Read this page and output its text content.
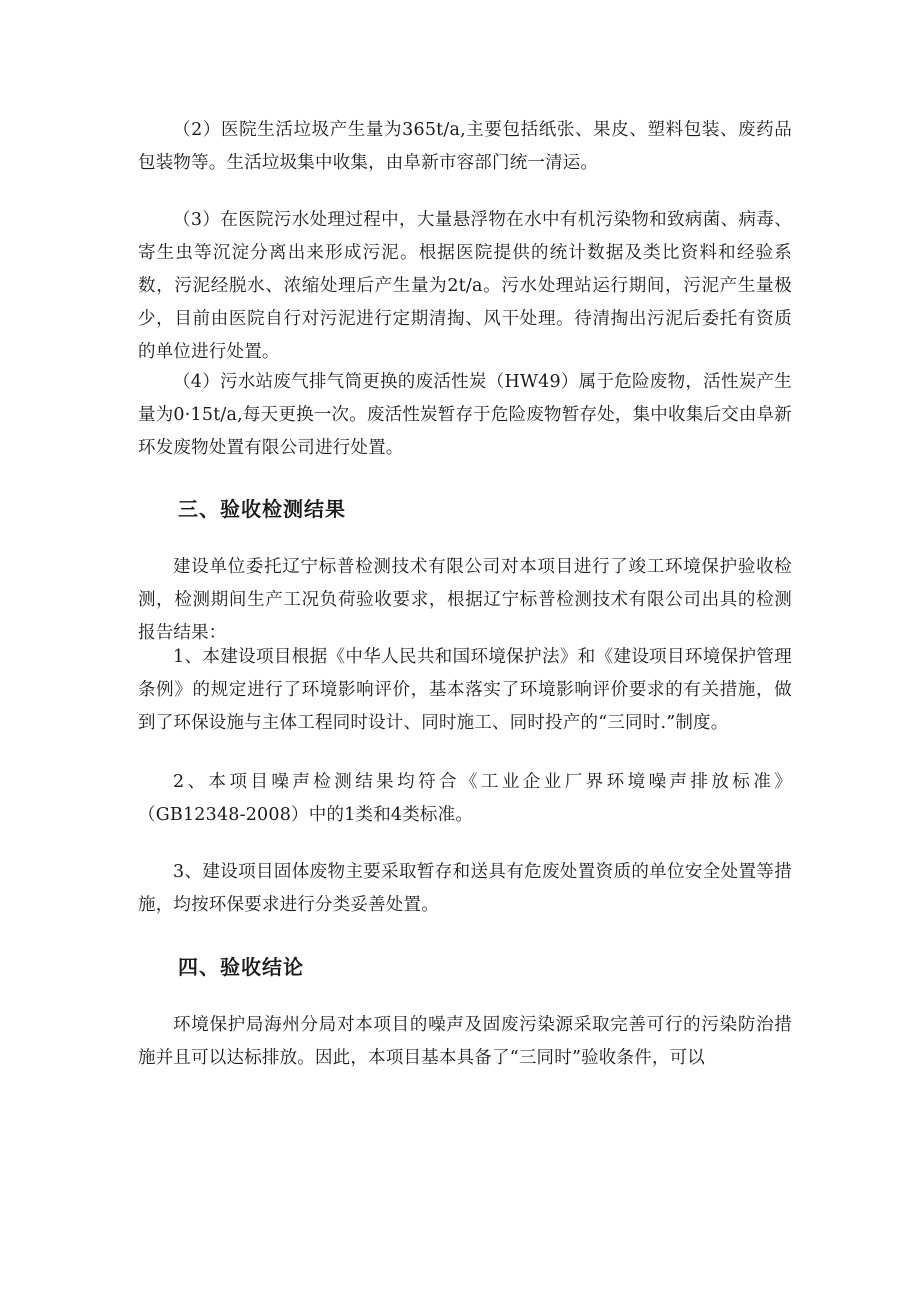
（2）医院生活垃圾产生量为365t/a,主要包括纸张、果皮、塑料包装、废药品包装物等。生活垃圾集中收集，由阜新市容部门统一清运。

（3）在医院污水处理过程中，大量悬浮物在水中有机污染物和致病菌、病毒、寄生虫等沉淀分离出来形成污泥。根据医院提供的统计数据及类比资料和经验系数，污泥经脱水、浓缩处理后产生量为2t/a。污水处理站运行期间，污泥产生量极少，目前由医院自行对污泥进行定期清掏、风干处理。待清掏出污泥后委托有资质的单位进行处置。

（4）污水站废气排气筒更换的废活性炭（HW49）属于危险废物，活性炭产生量为0·15t/a,每天更换一次。废活性炭暂存于危险废物暂存处，集中收集后交由阜新环发废物处置有限公司进行处置。

三、验收检测结果

建设单位委托辽宁标普检测技术有限公司对本项目进行了竣工环境保护验收检测，检测期间生产工况负荷验收要求，根据辽宁标普检测技术有限公司出具的检测报告结果：

1、本建设项目根据《中华人民共和国环境保护法》和《建设项目环境保护管理条例》的规定进行了环境影响评价，基本落实了环境影响评价要求的有关措施，做到了环保设施与主体工程同时设计、同时施工、同时投产的“三同时.”制度。

2、本项目噪声检测结果均符合《工业企业厂界环境噪声排放标准》（GB12348-2008）中的1类和4类标准。

3、建设项目固体废物主要采取暂存和送具有危废处置资质的单位安全处置等措施，均按环保要求进行分类妥善处置。

四、验收结论

环境保护局海州分局对本项目的噪声及固废污染源采取完善可行的污染防治措施并且可以达标排放。因此，本项目基本具备了“三同时”验收条件，可以
